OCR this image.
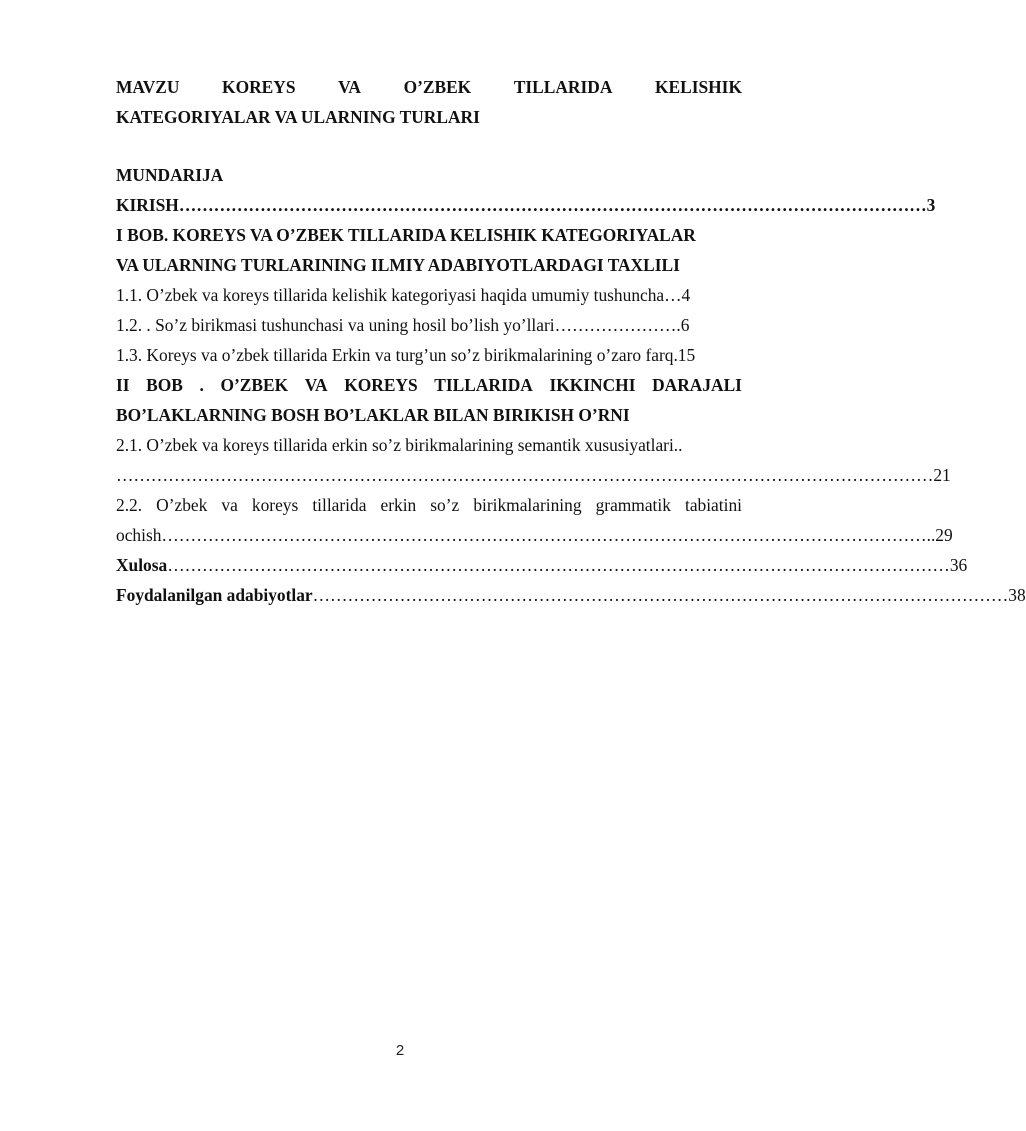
MAVZU KOREYS VA O’ZBEK TILLARIDA KELISHIK
KATEGORIYALAR VA ULARNING TURLARI
MUNDARIJA
KIRISH ………………………………………………………………………………………………………………… 3
I BOB. KOREYS VA O’ZBEK TILLARIDA KELISHIK KATEGORIYALAR
VA ULARNING TURLARINING ILMIY ADABIYOTLARDAGI TAXLILI
1.1. O’zbek va koreys tillarida kelishik kategoriyasi haqida umumiy tushuncha…4
1.2. . So’z birikmasi tushunchasi va uning hosil bo’lish yo’llari………………….6
1.3. Koreys va o’zbek tillarida Erkin va turg’un so’z birikmalarining o’zaro farq.15
II BOB . O’ZBEK VA KOREYS TILLARIDA IKKINCHI DARAJALI
BO’LAKLARNING BOSH BO’LAKLAR BILAN BIRIKISH O’RNI
2.1. O’zbek va koreys tillarida erkin so’z birikmalarining semantik xususiyatlari..
…………………………………………………………………………………………………………………………… 21
2.2. O’zbek va koreys tillarida erkin so’z birikmalarining grammatik tabiatini
ochish …………………………………………………………………………………………………………………….. 29
Xulosa ……………………………………………………………………………………………………………………… 36
Foydalanilgan adabiyotlar ………………………………………………………………………………………………………… 38
2
